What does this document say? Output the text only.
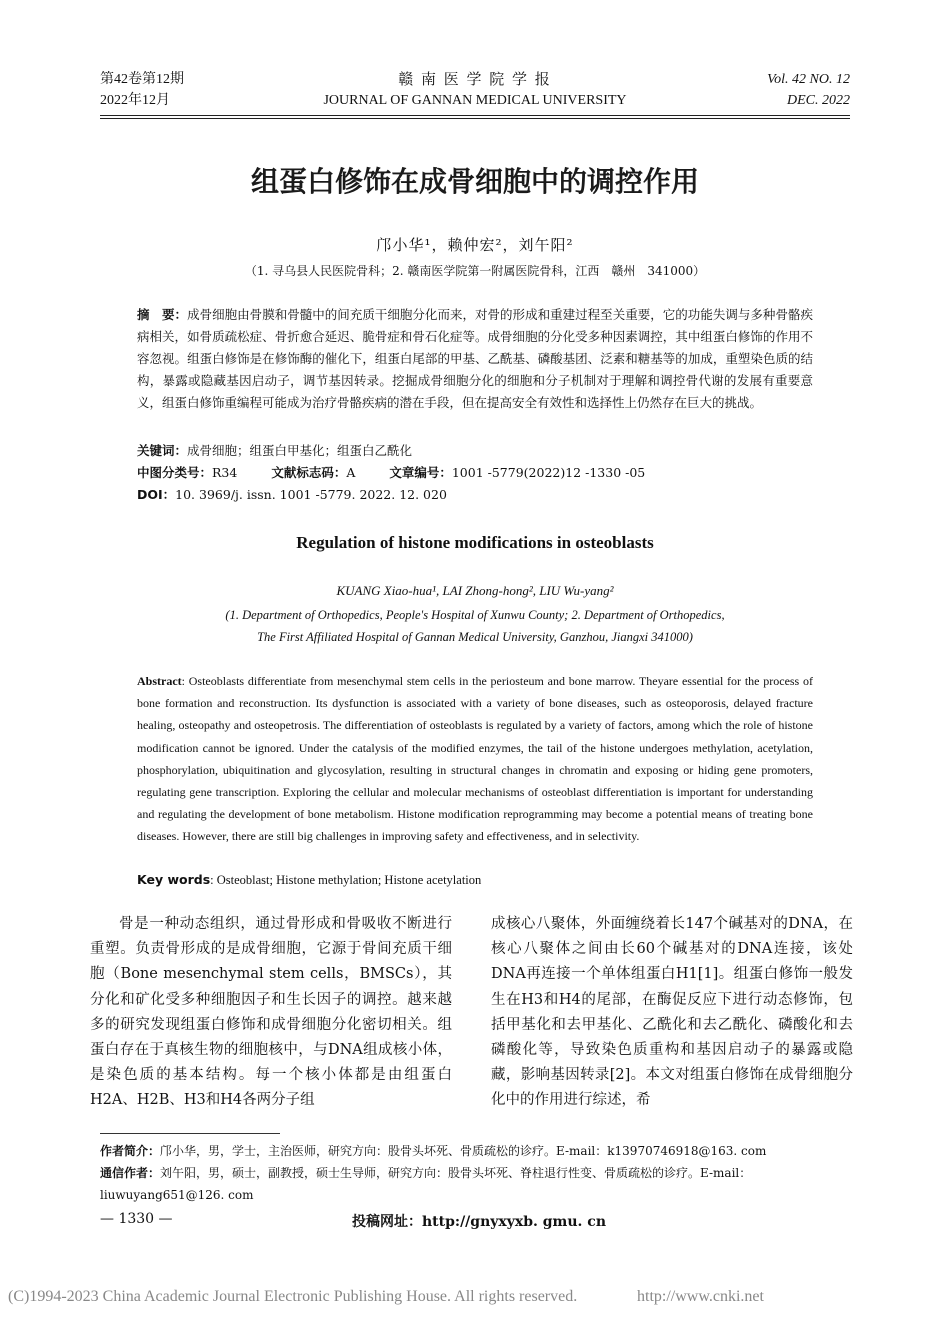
第42卷第12期
2022年12月
赣 南 医 学 院 学 报
JOURNAL OF GANNAN MEDICAL UNIVERSITY
Vol. 42 NO. 12
DEC. 2022
组蛋白修饰在成骨细胞中的调控作用
邝小华¹，赖仲宏²，刘午阳²
（1. 寻乌县人民医院骨科；2. 赣南医学院第一附属医院骨科，江西　赣州　341000）
摘　要：成骨细胞由骨膜和骨髓中的间充质干细胞分化而来，对骨的形成和重建过程至关重要，它的功能失调与多种骨骼疾病相关，如骨质疏松症、骨折愈合延迟、脆骨症和骨石化症等。成骨细胞的分化受多种因素调控，其中组蛋白修饰的作用不容忽视。组蛋白修饰是在修饰酶的催化下，组蛋白尾部的甲基、乙酰基、磷酸基团、泛素和糖基等的加成，重塑染色质的结构，暴露或隐藏基因启动子，调节基因转录。挖掘成骨细胞分化的细胞和分子机制对于理解和调控骨代谢的发展有重要意义，组蛋白修饰重编程可能成为治疗骨骼疾病的潜在手段，但在提高安全有效性和选择性上仍然存在巨大的挑战。
关键词：成骨细胞；组蛋白甲基化；组蛋白乙酰化
中图分类号：R34	文献标志码：A	文章编号：1001 -5779(2022)12 -1330 -05
DOI：10. 3969/j. issn. 1001 -5779. 2022. 12. 020
Regulation of histone modifications in osteoblasts
KUANG Xiao-hua¹, LAI Zhong-hong², LIU Wu-yang²
(1. Department of Orthopedics, People's Hospital of Xunwu County; 2. Department of Orthopedics,
The First Affiliated Hospital of Gannan Medical University, Ganzhou, Jiangxi 341000)
Abstract: Osteoblasts differentiate from mesenchymal stem cells in the periosteum and bone marrow. Theyare essential for the process of bone formation and reconstruction. Its dysfunction is associated with a variety of bone diseases, such as osteoporosis, delayed fracture healing, osteopathy and osteopetrosis. The differentiation of osteoblasts is regulated by a variety of factors, among which the role of histone modification cannot be ignored. Under the catalysis of the modified enzymes, the tail of the histone undergoes methylation, acetylation, phosphorylation, ubiquitination and glycosylation, resulting in structural changes in chromatin and exposing or hiding gene promoters, regulating gene transcription. Exploring the cellular and molecular mechanisms of osteoblast differentiation is important for understanding and regulating the development of bone metabolism. Histone modification reprogramming may become a potential means of treating bone diseases. However, there are still big challenges in improving safety and effectiveness, and in selectivity.
Key words: Osteoblast; Histone methylation; Histone acetylation

骨是一种动态组织，通过骨形成和骨吸收不断进行重塑。负责骨形成的是成骨细胞，它源于骨间充质干细胞（Bone mesenchymal stem cells，BMSCs），其分化和矿化受多种细胞因子和生长因子的调控。越来越多的研究发现组蛋白修饰和成骨细胞分化密切相关。组蛋白存在于真核生物的细胞核中，与DNA组成核小体，是染色质的基本结构。每一个核小体都是由组蛋白H2A、H2B、H3和H4各两分子组

成核心八聚体，外面缠绕着长147个碱基对的DNA，在核心八聚体之间由长60个碱基对的DNA连接，该处DNA再连接一个单体组蛋白H1[1]。组蛋白修饰一般发生在H3和H4的尾部，在酶促反应下进行动态修饰，包括甲基化和去甲基化、乙酰化和去乙酰化、磷酸化和去磷酸化等，导致染色质重构和基因启动子的暴露或隐藏，影响基因转录[2]。本文对组蛋白修饰在成骨细胞分化中的作用进行综述，希

作者简介：邝小华，男，学士，主治医师，研究方向：股骨头坏死、骨质疏松的诊疗。E-mail：k13970746918@163. com
通信作者：刘午阳，男，硕士，副教授，硕士生导师，研究方向：股骨头坏死、脊柱退行性变、骨质疏松的诊疗。E-mail：liuwuyang651@126. com
— 1330 —	投稿网址：http://gnyxyxb. gmu. cn
(C)1994-2023 China Academic Journal Electronic Publishing House. All rights reserved.	http://www.cnki.net
